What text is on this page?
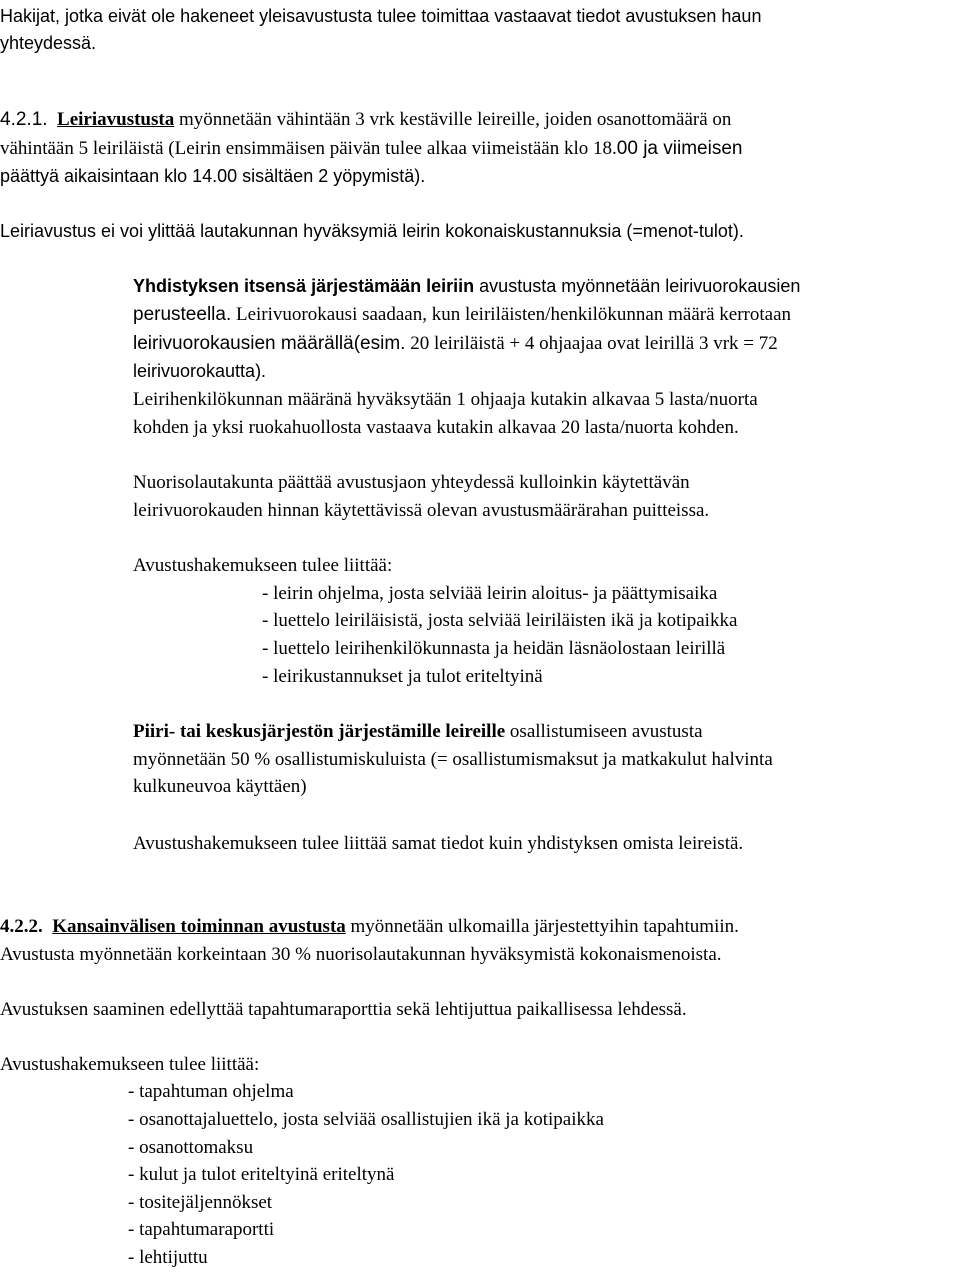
Hakijat, jotka eivät ole hakeneet yleisavustusta tulee toimittaa vastaavat tiedot avustuksen haun
yhteydessä.
4.2.1. Leiriavustusta myönnetään vähintään 3 vrk kestäville leireille, joiden osanottomäärä on
vähintään 5 leiriläistä (Leirin ensimmäisen päivän tulee alkaa viimeistään klo 18.00 ja viimeisen
päättyä aikaisintaan klo 14.00 sisältäen 2 yöpymistä).
Leiriavustus ei voi ylittää lautakunnan hyväksymiä leirin kokonaiskustannuksia (=menot-tulot).
Yhdistyksen itsensä järjestämään leiriin avustusta myönnetään leirivuorokausien
perusteella. Leirivuorokausi saadaan, kun leiriläisten/henkilökunnan määrä kerrotaan
leirivuorokausien määrällä(esim. 20 leiriläistä + 4 ohjaajaa ovat leirillä 3 vrk = 72
leirivuorokautta).
Leirihenkilökunnan määränä hyväksytään 1 ohjaaja kutakin alkavaa 5 lasta/nuorta
kohden ja yksi ruokahuollosta vastaava kutakin alkavaa 20 lasta/nuorta kohden.
Nuorisolautakunta päättää avustusjaon yhteydessä kulloinkin käytettävän
leirivuorokauden hinnan käytettävissä olevan avustusmäärärahan puitteissa.
Avustushakemukseen tulee liittää:
- leirin ohjelma, josta selviää leirin aloitus- ja päättymisaika
- luettelo leiriläisistä, josta selviää leiriläisten ikä ja kotipaikka
- luettelo leirihenkilökunnasta ja heidän läsnäolostaan leirillä
- leirikustannukset ja tulot eriteltyinä
Piiri- tai keskusjärjestön järjestämille leireille osallistumiseen avustusta
myönnetään 50 % osallistumiskuluista (= osallistumismaksut ja matkakulut halvinta
kulkuneuvoa käyttäen)
Avustushakemukseen tulee liittää samat tiedot kuin yhdistyksen omista leireistä.
4.2.2. Kansainvälisen toiminnan avustusta myönnetään ulkomailla järjestettyihin tapahtumiin.
Avustusta myönnetään korkeintaan 30 % nuorisolautakunnan hyväksymistä kokonaismenoista.
Avustuksen saaminen edellyttää tapahtumaraporttia sekä lehtijuttua paikallisessa lehdessä.
Avustushakemukseen tulee liittää:
- tapahtuman ohjelma
- osanottajaluettelo, josta selviää osallistujien ikä ja kotipaikka
- osanottomaksu
- kulut ja tulot eriteltyinä eriteltynä
- tositejäljennökset
- tapahtumaraportti
- lehtijuttu
